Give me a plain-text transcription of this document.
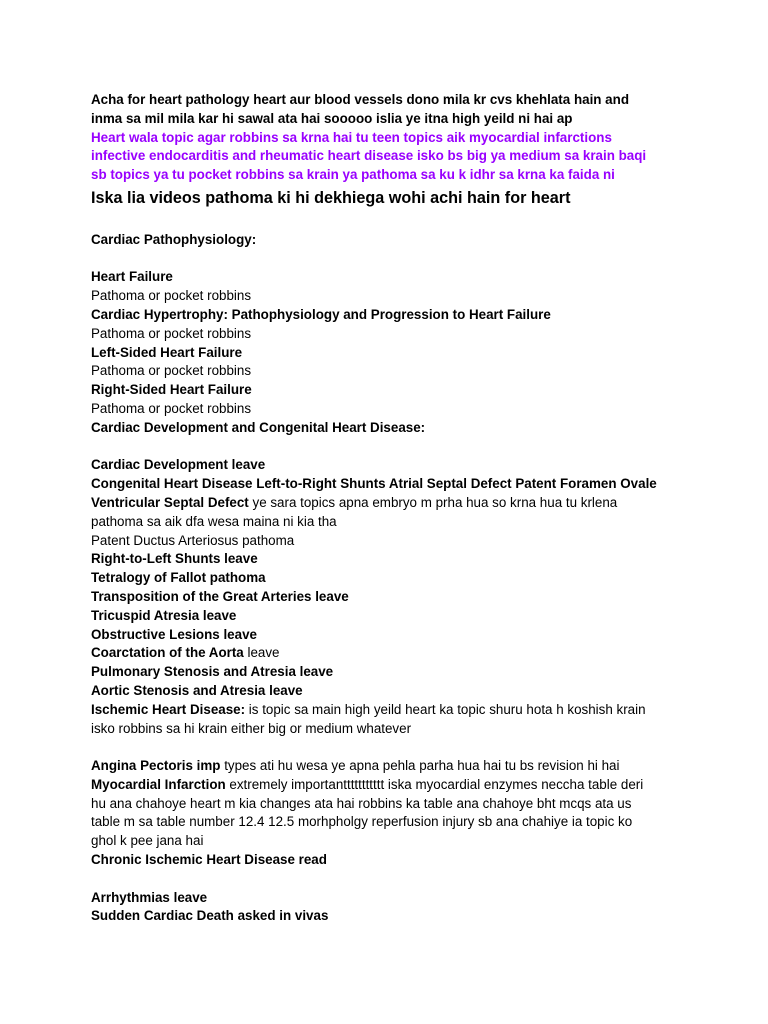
Acha for heart pathology heart aur blood vessels dono mila kr cvs khehlata hain and
inma sa mil mila kar hi sawal ata hai sooooo islia ye itna high yeild ni hai ap
Heart wala topic agar robbins sa krna hai tu teen topics aik myocardial infarctions
infective endocarditis and rheumatic heart disease isko bs big ya medium sa krain baqi
sb topics ya tu pocket robbins sa krain ya pathoma sa ku k idhr sa krna ka faida ni
Iska lia videos pathoma ki hi dekhiega wohi achi hain for heart
Cardiac Pathophysiology:
Heart Failure
Pathoma or pocket robbins
Cardiac Hypertrophy: Pathophysiology and Progression to Heart Failure
Pathoma or pocket robbins
Left-Sided Heart Failure
Pathoma or pocket robbins
Right-Sided Heart Failure
Pathoma or pocket robbins
Cardiac Development and Congenital Heart Disease:
Cardiac Development leave
Congenital Heart Disease Left-to-Right Shunts Atrial Septal Defect Patent Foramen Ovale
Ventricular Septal Defect ye sara topics apna embryo m prha hua so krna hua tu krlena
pathoma sa aik dfa wesa maina ni kia tha
Patent Ductus Arteriosus pathoma
Right-to-Left Shunts leave
Tetralogy of Fallot pathoma
Transposition of the Great Arteries leave
Tricuspid Atresia leave
Obstructive Lesions leave
Coarctation of the Aorta leave
Pulmonary Stenosis and Atresia leave
Aortic Stenosis and Atresia leave
Ischemic Heart Disease: is topic sa main high yeild heart ka topic shuru hota h koshish krain
isko robbins sa hi krain either big or medium whatever
Angina Pectoris imp types ati hu wesa ye apna pehla parha hua hai tu bs revision hi hai
Myocardial Infarction extremely importanttttttttttt iska myocardial enzymes neccha table deri
hu ana chahoye heart m kia changes ata hai robbins ka table ana chahoye bht mcqs ata us
table m sa table number 12.4 12.5 morhpholgy reperfusion injury sb ana chahiye ia topic ko
ghol k pee jana hai
Chronic Ischemic Heart Disease read
Arrhythmias leave
Sudden Cardiac Death asked in vivas
